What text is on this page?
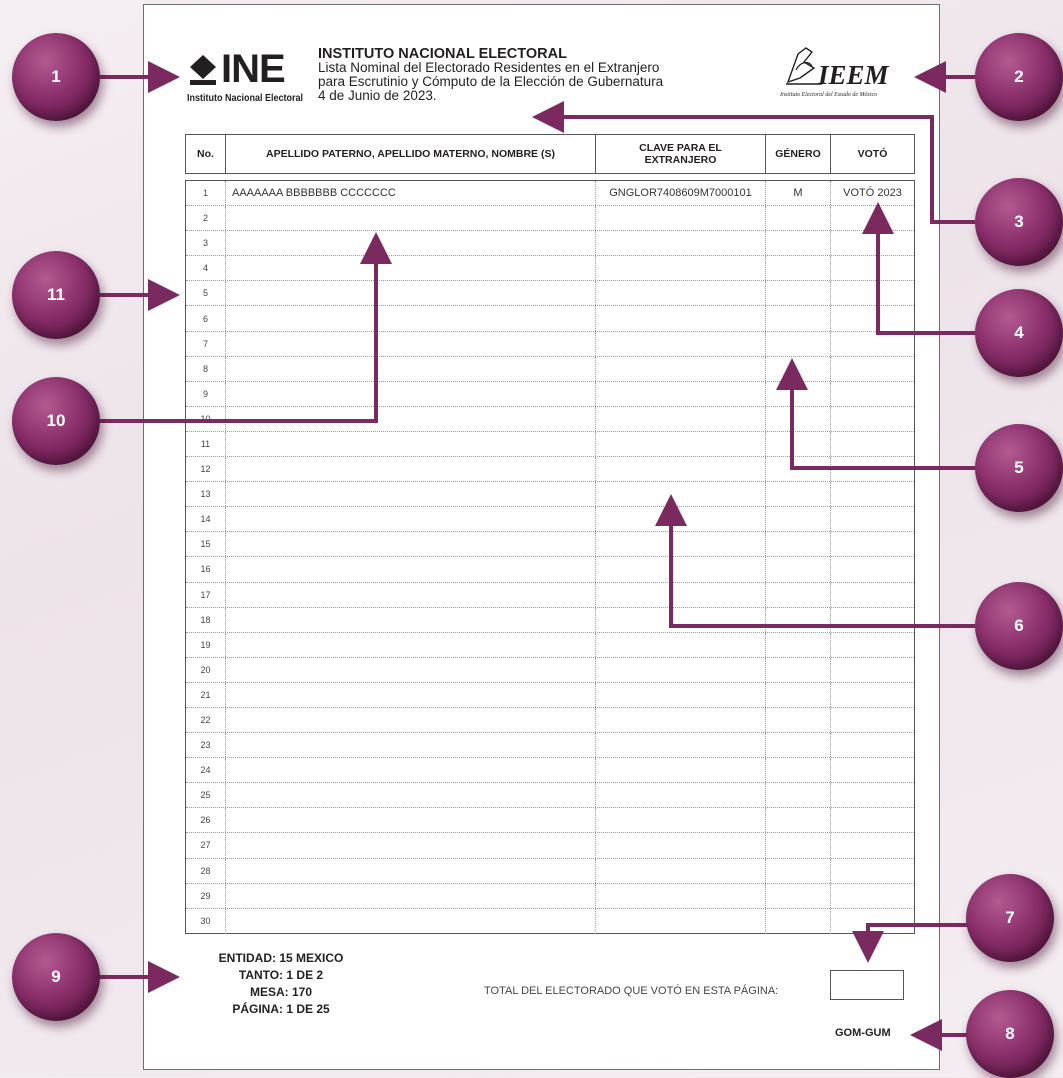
INE
Instituto Nacional Electoral
INSTITUTO NACIONAL ELECTORAL
Lista Nominal del Electorado Residentes en el Extranjero
para Escrutinio y Cómputo de la Elección de Gubernatura
4 de Junio de 2023.
IEEM
Instituto Electoral del Estado de México
No.	APELLIDO PATERNO, APELLIDO MATERNO, NOMBRE (S)	CLAVE PARA EL EXTRANJERO	GÉNERO	VOTÓ
1	AAAAAAA BBBBBBB CCCCCCC	GNGLOR7408609M7000101	M	VOTÓ 2023
2
3
4
5
6
7
8
9
10
11
12
13
14
15
16
17
18
19
20
21
22
23
24
25
26
27
28
29
30
ENTIDAD: 15 MEXICO
TANTO: 1 DE 2
MESA: 170
PÁGINA: 1 DE 25
TOTAL DEL ELECTORADO QUE VOTÓ EN ESTA PÁGINA:
GOM-GUM
1	2
3
4
5
6
7
8
9
10
11
